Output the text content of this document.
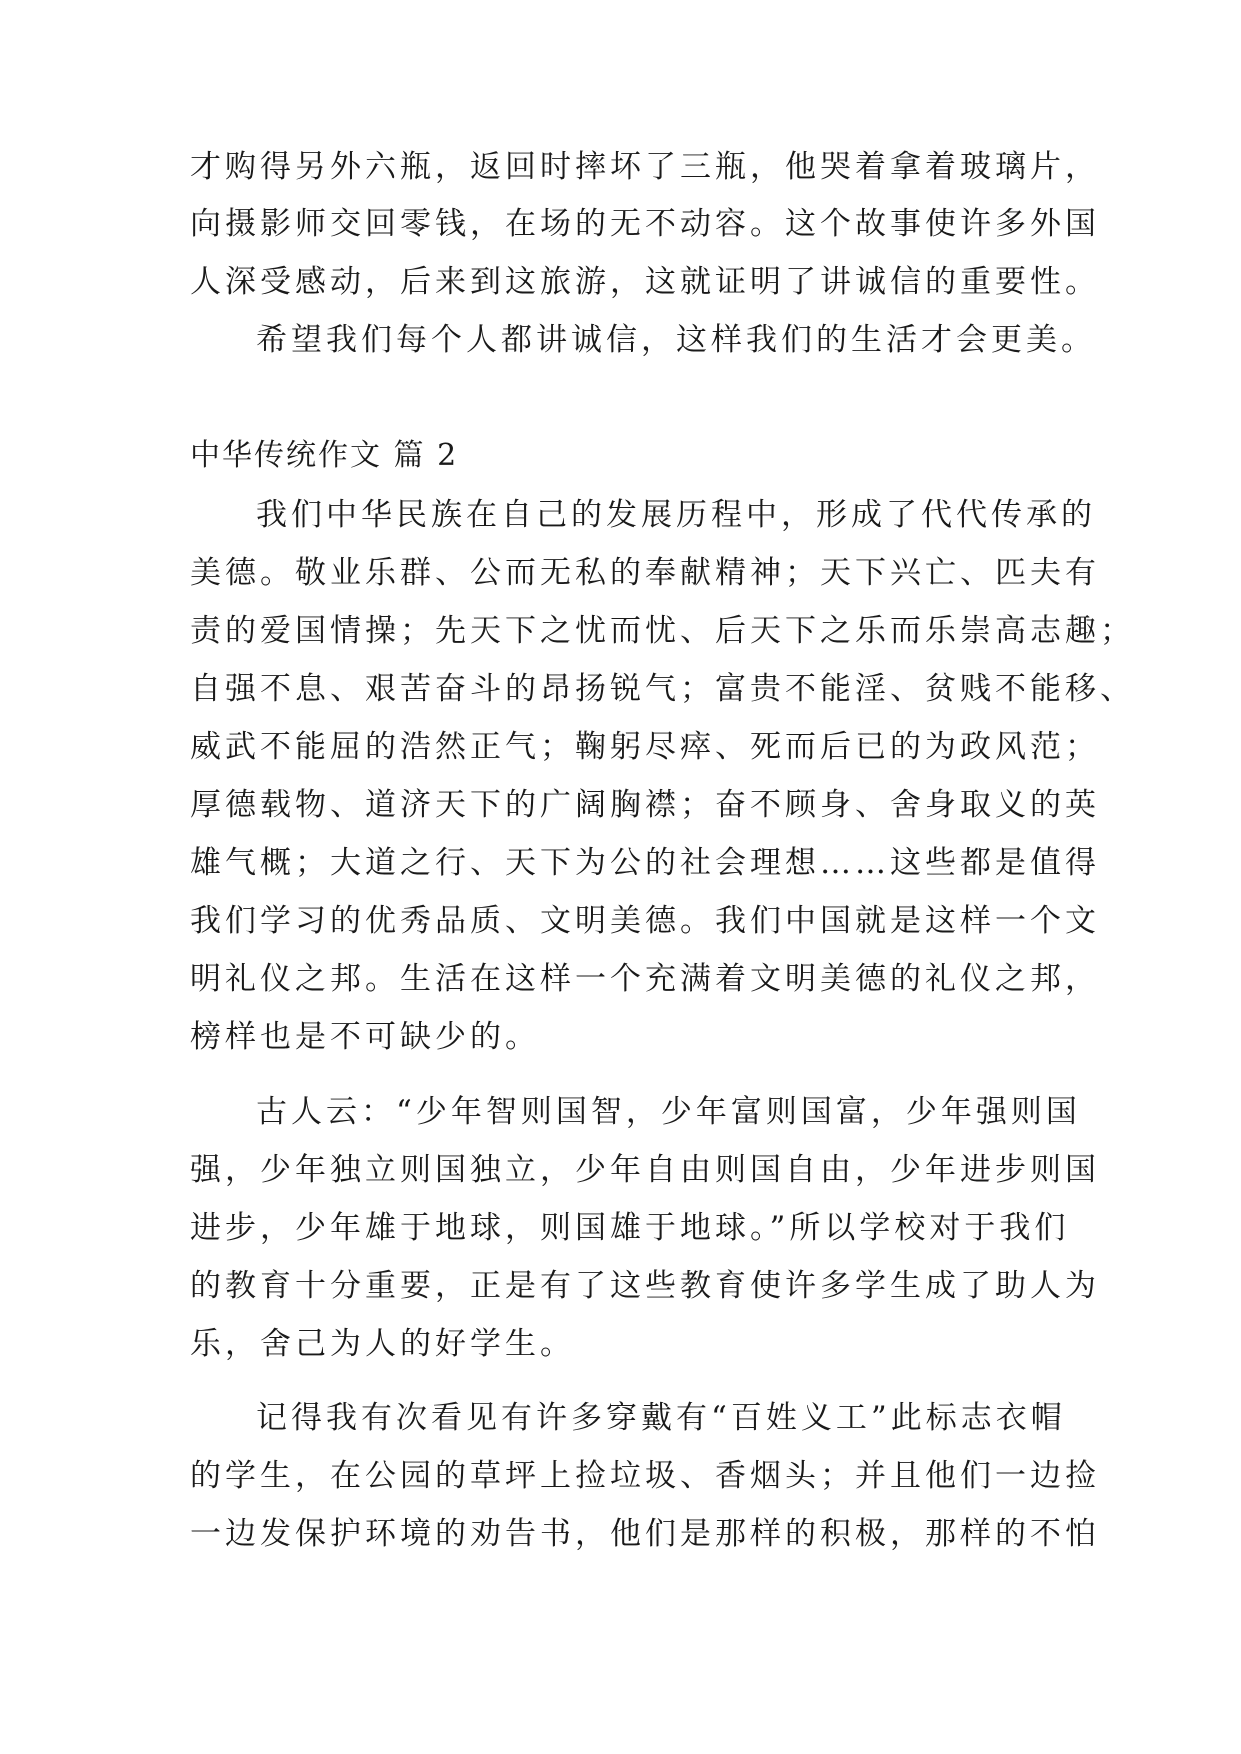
才购得另外六瓶，返回时摔坏了三瓶，他哭着拿着玻璃片，
向摄影师交回零钱，在场的无不动容。这个故事使许多外国
人深受感动，后来到这旅游，这就证明了讲诚信的重要性。
希望我们每个人都讲诚信，这样我们的生活才会更美。
中华传统作文 篇 2
我们中华民族在自己的发展历程中，形成了代代传承的
美德。敬业乐群、公而无私的奉献精神；天下兴亡、匹夫有
责的爱国情操；先天下之忧而忧、后天下之乐而乐崇高志趣；
自强不息、艰苦奋斗的昂扬锐气；富贵不能淫、贫贱不能移、
威武不能屈的浩然正气；鞠躬尽瘁、死而后已的为政风范；
厚德载物、道济天下的广阔胸襟；奋不顾身、舍身取义的英
雄气概；大道之行、天下为公的社会理想……这些都是值得
我们学习的优秀品质、文明美德。我们中国就是这样一个文
明礼仪之邦。生活在这样一个充满着文明美德的礼仪之邦，
榜样也是不可缺少的。
古人云：“少年智则国智，少年富则国富，少年强则国
强，少年独立则国独立，少年自由则国自由，少年进步则国
进步，少年雄于地球，则国雄于地球。”所以学校对于我们
的教育十分重要，正是有了这些教育使许多学生成了助人为
乐，舍己为人的好学生。
记得我有次看见有许多穿戴有“百姓义工”此标志衣帽
的学生，在公园的草坪上捡垃圾、香烟头；并且他们一边捡
一边发保护环境的劝告书，他们是那样的积极，那样的不怕
